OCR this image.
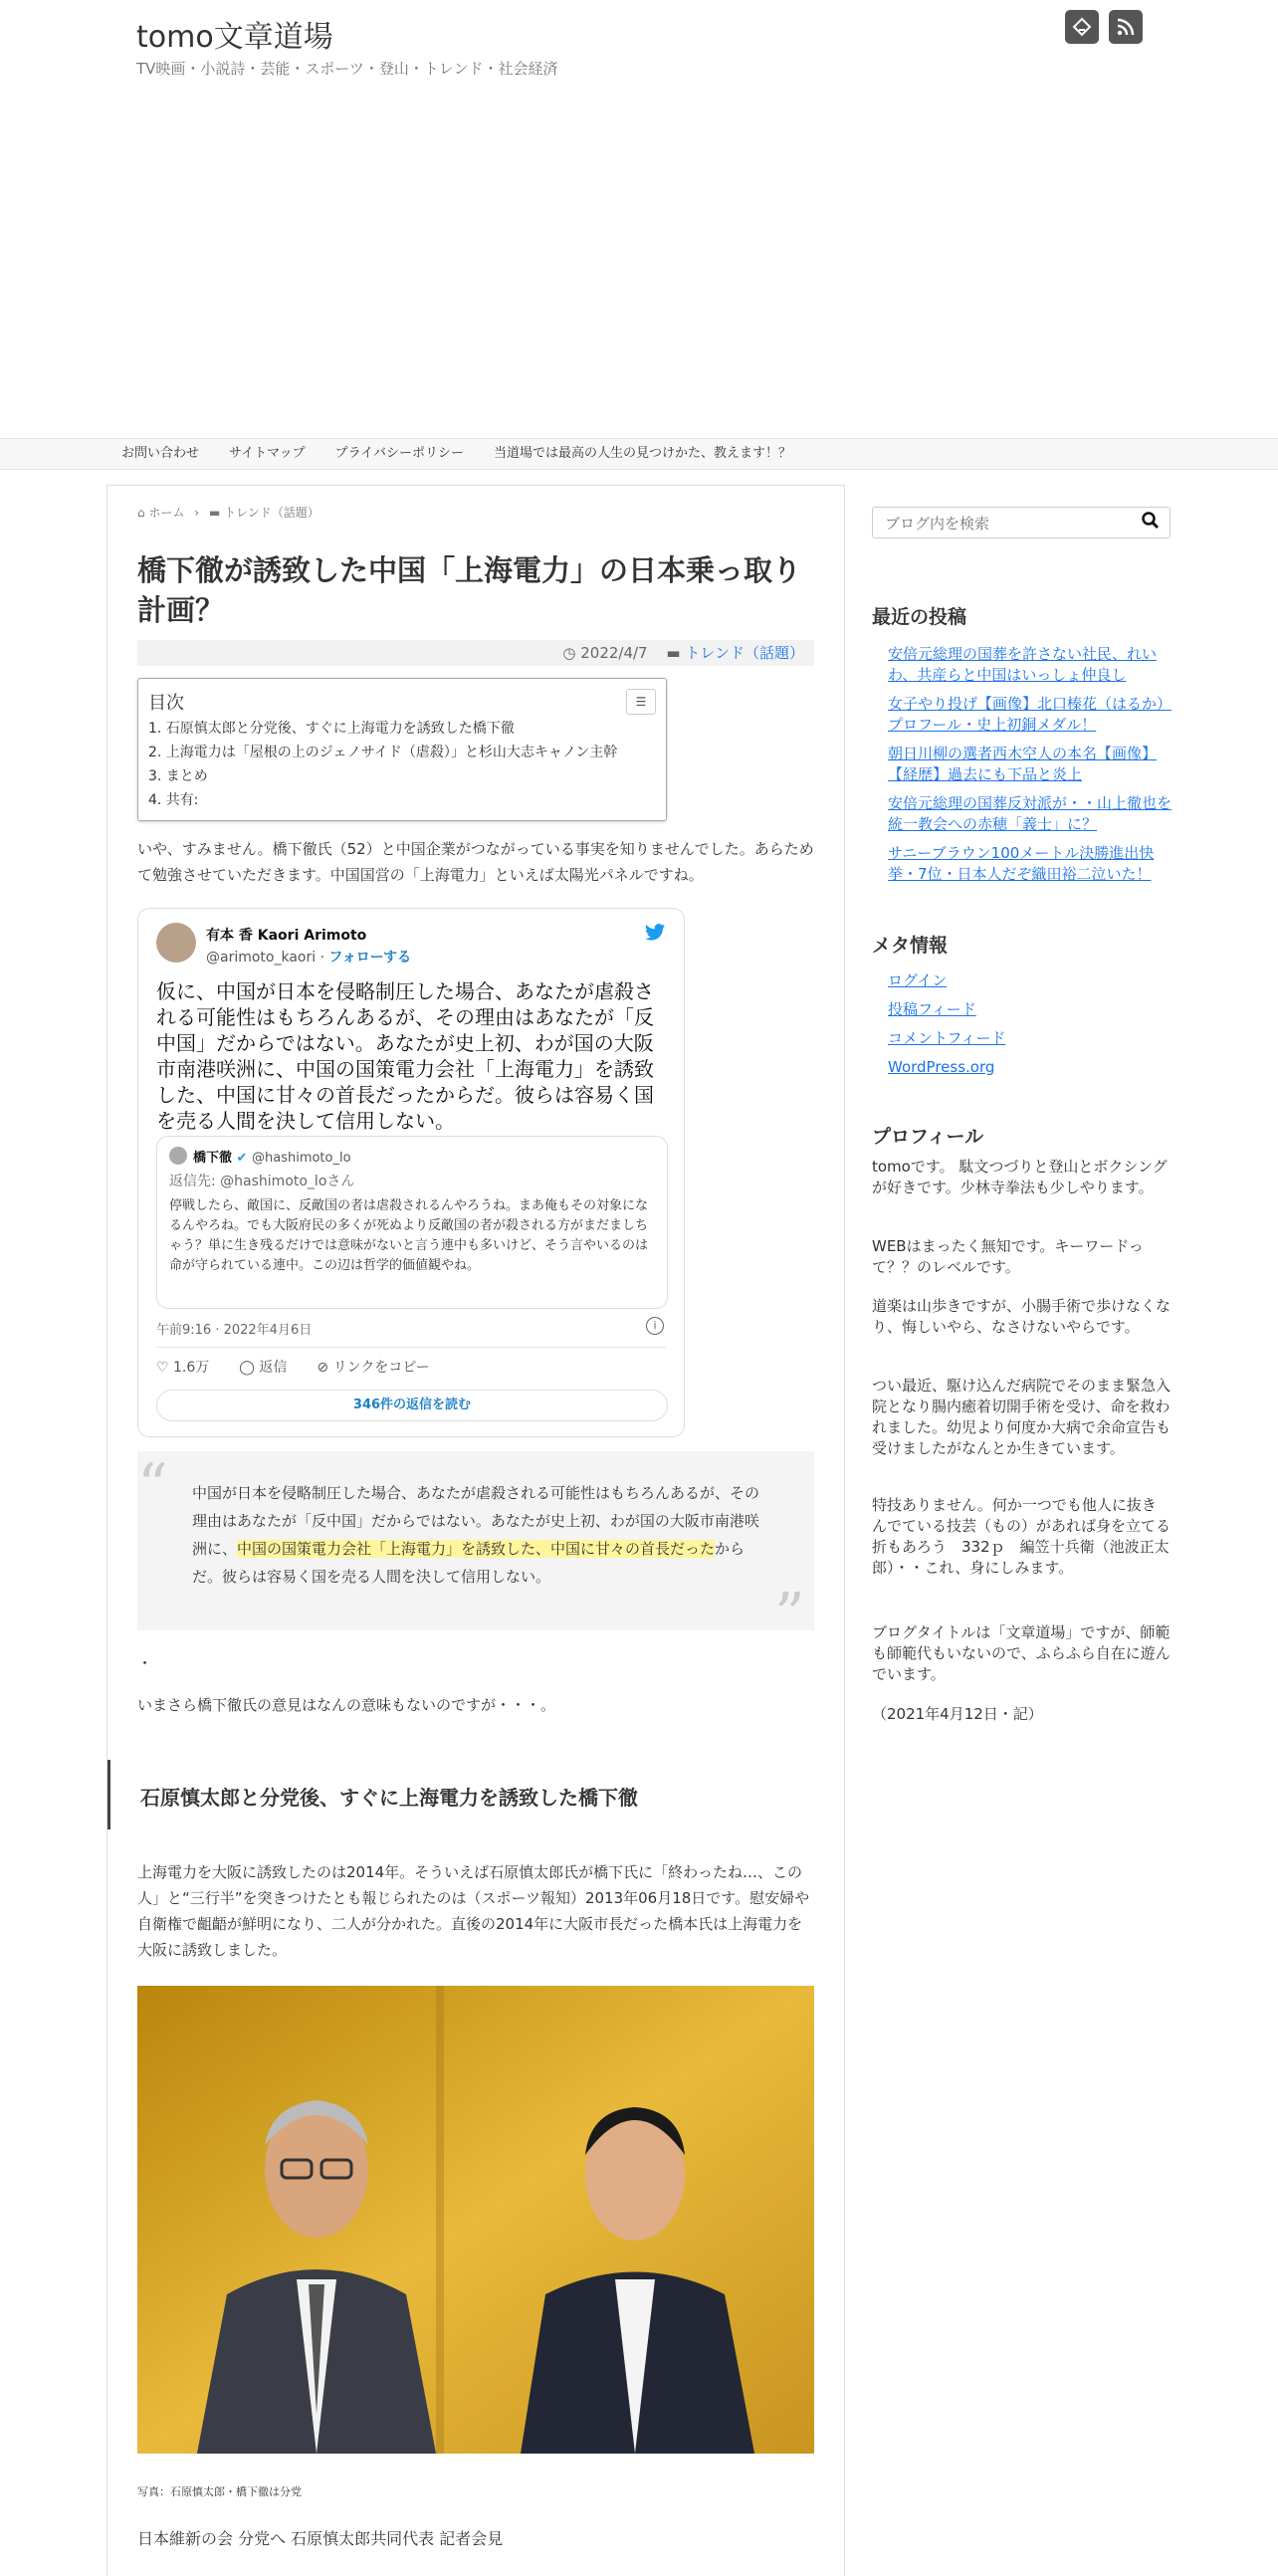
tomo文章道場
TV映画・小説詩・芸能・スポーツ・登山・トレンド・社会経済
お問い合わせ	サイトマップ	プライバシーポリシー	当道場では最高の人生の見つけかた、教えます！？
⌂ ホーム › ▬ トレンド（話題）
橋下徹が誘致した中国「上海電力」の日本乗っ取り計画？
◷ 2022/4/7 ▬ トレンド（話題）
目次	☰
1. 石原慎太郎と分党後、すぐに上海電力を誘致した橋下徹
2. 上海電力は「屋根の上のジェノサイド（虐殺）」と杉山大志キャノン主幹
3. まとめ
4. 共有:

いや、すみません。橋下徹氏（52）と中国企業がつながっている事実を知りませんでした。あらためて勉強させていただきます。中国国営の「上海電力」といえば太陽光パネルですね。

有本 香 Kaori Arimoto
@arimoto_kaori · フォローする

仮に、中国が日本を侵略制圧した場合、あなたが虐殺される可能性はもちろんあるが、その理由はあなたが「反中国」だからではない。あなたが史上初、わが国の大阪市南港咲洲に、中国の国策電力会社「上海電力」を誘致した、中国に甘々の首長だったからだ。彼らは容易く国を売る人間を決して信用しない。

橋下徹 ✔ @hashimoto_lo
返信先: @hashimoto_loさん

停戦したら、敵国に、反敵国の者は虐殺されるんやろうね。まあ俺もその対象になるんやろね。でも大阪府民の多くが死ぬより反敵国の者が殺される方がまだましちゃう？単に生き残るだけでは意味がないと言う連中も多いけど、そう言やいるのは命が守られている連中。この辺は哲学的価値観やね。

午前9:16 · 2022年4月6日	i
♡ 1.6万 ◯ 返信 ⊘ リンクをコピー
346件の返信を読む
“ 中国が日本を侵略制圧した場合、あなたが虐殺される可能性はもちろんあるが、その理由はあなたが「反中国」だからではない。あなたが史上初、わが国の大阪市南港咲洲に、中国の国策電力会社「上海電力」を誘致した、中国に甘々の首長だったからだ。彼らは容易く国を売る人間を決して信用しない。

”

・

いまさら橋下徹氏の意見はなんの意味もないのですが・・・。

石原慎太郎と分党後、すぐに上海電力を誘致した橋下徹

上海電力を大阪に誘致したのは2014年。そういえば石原慎太郎氏が橋下氏に「終わったね…、この人」と“三行半”を突きつけたとも報じられたのは（スポーツ報知）2013年06月18日です。慰安婦や自衛権で齟齬が鮮明になり、二人が分かれた。直後の2014年に大阪市長だった橋本氏は上海電力を大阪に誘致しました。

写真：石原慎太郎・橋下徹は分党
日本維新の会 分党へ 石原慎太郎共同代表 記者会見
ブログ内を検索
最近の投稿
安倍元総理の国葬を許さない社民、れいわ、共産らと中国はいっしょ仲良し
女子やり投げ【画像】北口榛花（はるか）プロフール・史上初銅メダル！
朝日川柳の選者西木空人の本名【画像】【経歴】過去にも下品と炎上
安倍元総理の国葬反対派が・・山上徹也を統一教会への赤穂「義士」に？
サニーブラウン100メートル決勝進出快挙・7位・日本人だぞ織田裕二泣いた！
メタ情報
ログイン
投稿フィード
コメントフィード
WordPress.org
プロフィール

tomoです。 駄文つづりと登山とボクシングが好きです。少林寺拳法も少しやります。

WEBはまったく無知です。キーワードって？？のレベルです。

道楽は山歩きですが、小腸手術で歩けなくなり、悔しいやら、なさけないやらです。

つい最近、駆け込んだ病院でそのまま緊急入院となり腸内癒着切開手術を受け、命を救われました。幼児より何度か大病で余命宣告も受けましたがなんとか生きています。

特技ありません。何か一つでも他人に抜きんでている技芸（もの）があれば身を立てる折もあろう　332ｐ　編笠十兵衛（池波正太郎）・・これ、身にしみます。

ブログタイトルは「文章道場」ですが、師範も師範代もいないので、ふらふら自在に遊んでいます。

（2021年4月12日・記）
